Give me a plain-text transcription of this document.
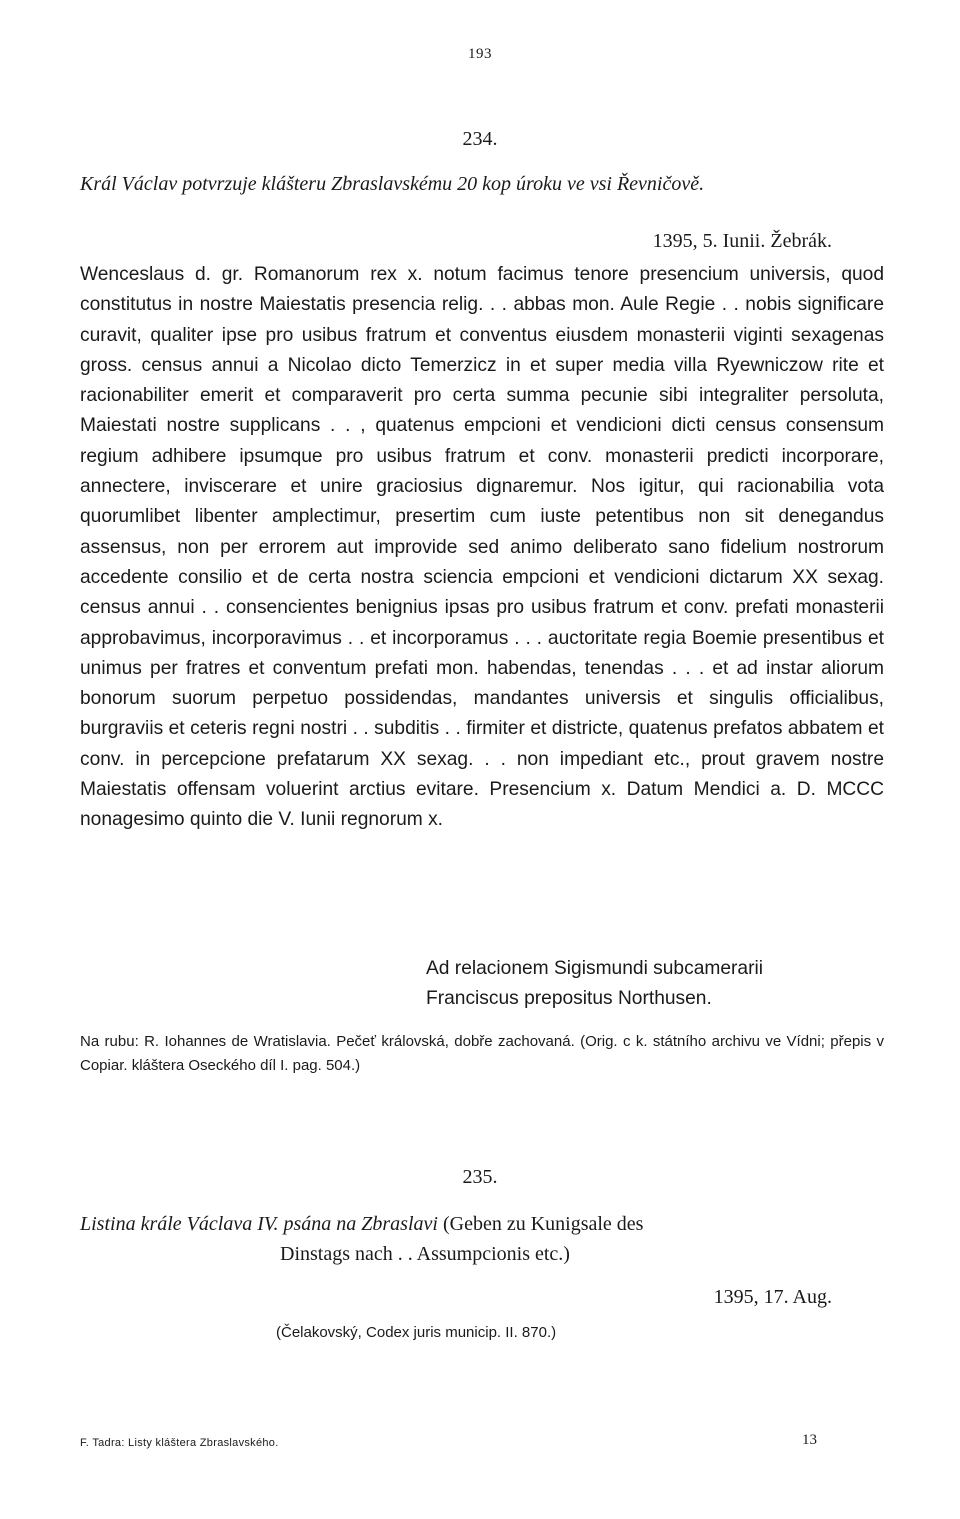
193
234.
Král Václav potvrzuje klášteru Zbraslavskému 20 kop úroku ve vsi Řevničově.
1395, 5. Iunii. Žebrák.
Wenceslaus d. gr. Romanorum rex x. notum facimus tenore presencium universis, quod constitutus in nostre Maiestatis presencia relig. . . abbas mon. Aule Regie . . nobis significare curavit, qualiter ipse pro usibus fratrum et conventus eiusdem monasterii viginti sexagenas gross. census annui a Nicolao dicto Temerzicz in et super media villa Ryewniczow rite et racionabiliter emerit et comparaverit pro certa summa pecunie sibi integraliter persoluta, Maiestati nostre supplicans . . , quatenus empcioni et vendicioni dicti census consensum regium adhibere ipsumque pro usibus fratrum et conv. monasterii predicti incorporare, annectere, inviscerare et unire graciosius dignaremur. Nos igitur, qui racionabilia vota quorumlibet libenter amplectimur, presertim cum iuste petentibus non sit denegandus assensus, non per errorem aut improvide sed animo deliberato sano fidelium nostrorum accedente consilio et de certa nostra sciencia empcioni et vendicioni dictarum XX sexag. census annui . . consencientes benignius ipsas pro usibus fratrum et conv. prefati monasterii approbavimus, incorporavimus . . et incorporamus . . . auctoritate regia Boemie presentibus et unimus per fratres et conventum prefati mon. habendas, tenendas . . . et ad instar aliorum bonorum suorum perpetuo possidendas, mandantes universis et singulis officialibus, burgraviis et ceteris regni nostri . . subditis . . firmiter et districte, quatenus prefatos abbatem et conv. in percepcione prefatarum XX sexag. . . non impediant etc., prout gravem nostre Maiestatis offensam voluerint arctius evitare. Presencium x. Datum Mendici a. D. MCCC nonagesimo quinto die V. Iunii regnorum x.
Ad relacionem Sigismundi subcamerarii
Franciscus prepositus Northusen.
Na rubu: R. Iohannes de Wratislavia. Pečeť královská, dobře zachovaná. (Orig. c k. státního archivu ve Vídni; přepis v Copiar. kláštera Oseckého díl I. pag. 504.)
235.
Listina krále Václava IV. psána na Zbraslavi (Geben zu Kunigsale des
Dinstags nach . . Assumpcionis etc.)
1395, 17. Aug.
(Čelakovský, Codex juris municip. II. 870.)
F. Tadra: Listy kláštera Zbraslavského.	13
